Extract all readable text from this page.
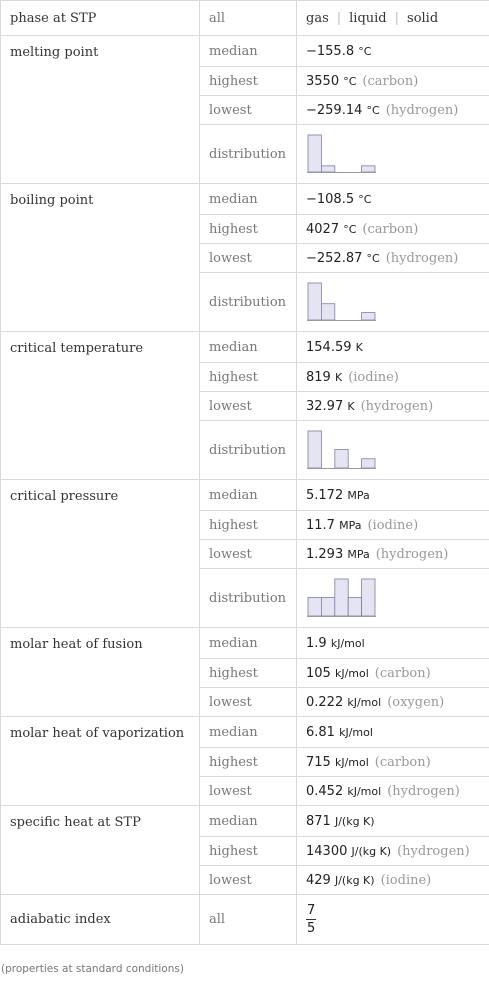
phase at STP	all	gas | liquid | solid
melting point	median	−155.8 °C
	highest	3550 °C (carbon)
	lowest	−259.14 °C (hydrogen)
	distribution	

boiling point	median	−108.5 °C
	highest	4027 °C (carbon)
	lowest	−252.87 °C (hydrogen)
	distribution	

critical temperature	median	154.59 K
	highest	819 K (iodine)
	lowest	32.97 K (hydrogen)
	distribution	

critical pressure	median	5.172 MPa
	highest	11.7 MPa (iodine)
	lowest	1.293 MPa (hydrogen)
	distribution	

molar heat of fusion	median	1.9 kJ/mol
	highest	105 kJ/mol (carbon)
	lowest	0.222 kJ/mol (oxygen)
molar heat of vaporization	median	6.81 kJ/mol
	highest	715 kJ/mol (carbon)
	lowest	0.452 kJ/mol (hydrogen)
specific heat at STP	median	871 J/(kg K)
	highest	14300 J/(kg K) (hydrogen)
	lowest	429 J/(kg K) (iodine)
adiabatic index	all	$\frac{7}{5}$
(properties at standard conditions)
